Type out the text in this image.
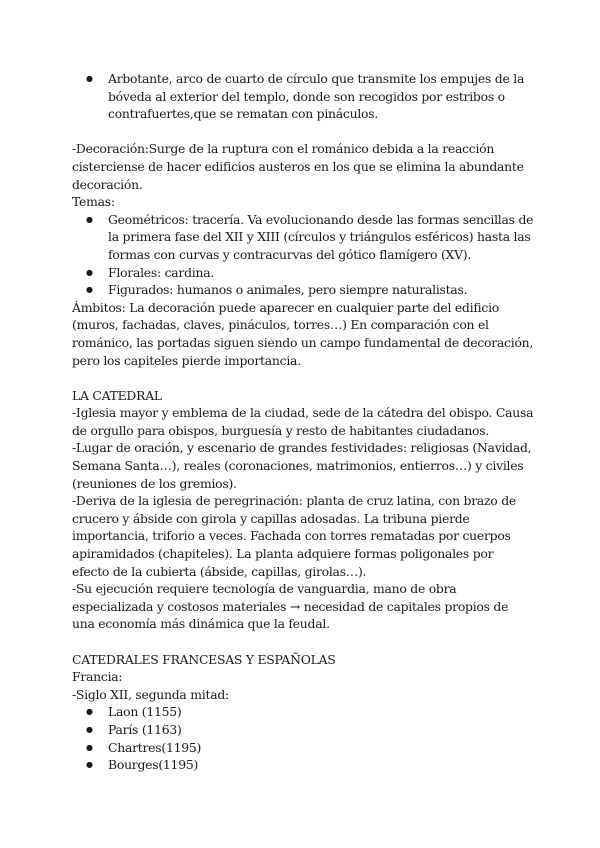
● Arbotante, arco de cuarto de círculo que transmite los empujes de la bóveda al exterior del templo, donde son recogidos por estribos o contrafuertes,que se rematan con pináculos.

-Decoración:Surge de la ruptura con el románico debida a la reacción cisterciense de hacer edificios austeros en los que se elimina la abundante decoración.

Temas:

● Geométricos: tracería. Va evolucionando desde las formas sencillas de la primera fase del XII y XIII (círculos y triángulos esféricos) hasta las formas con curvas y contracurvas del gótico flamígero (XV).
● Florales: cardina.
● Figurados: humanos o animales, pero siempre naturalistas.

Ámbitos: La decoración puede aparecer en cualquier parte del edificio (muros, fachadas, claves, pináculos, torres…) En comparación con el románico, las portadas siguen siendo un campo fundamental de decoración, pero los capiteles pierde importancia.

LA CATEDRAL

-Iglesia mayor y emblema de la ciudad, sede de la cátedra del obispo. Causa de orgullo para obispos, burguesía y resto de habitantes ciudadanos.

-Lugar de oración, y escenario de grandes festividades: religiosas (Navidad, Semana Santa…), reales (coronaciones, matrimonios, entierros…) y civiles (reuniones de los gremios).

-Deriva de la iglesia de peregrinación: planta de cruz latina, con brazo de crucero y ábside con girola y capillas adosadas. La tribuna pierde importancia, triforio a veces. Fachada con torres rematadas por cuerpos apiramidados (chapiteles). La planta adquiere formas poligonales por efecto de la cubierta (ábside, capillas, girolas…).

-Su ejecución requiere tecnología de vanguardia, mano de obra especializada y costosos materiales → necesidad de capitales propios de una economía más dinámica que la feudal.

CATEDRALES FRANCESAS Y ESPAÑOLAS

Francia:

-Siglo XII, segunda mitad:

● Laon (1155)
● París (1163)
● Chartres(1195)
● Bourges(1195)
